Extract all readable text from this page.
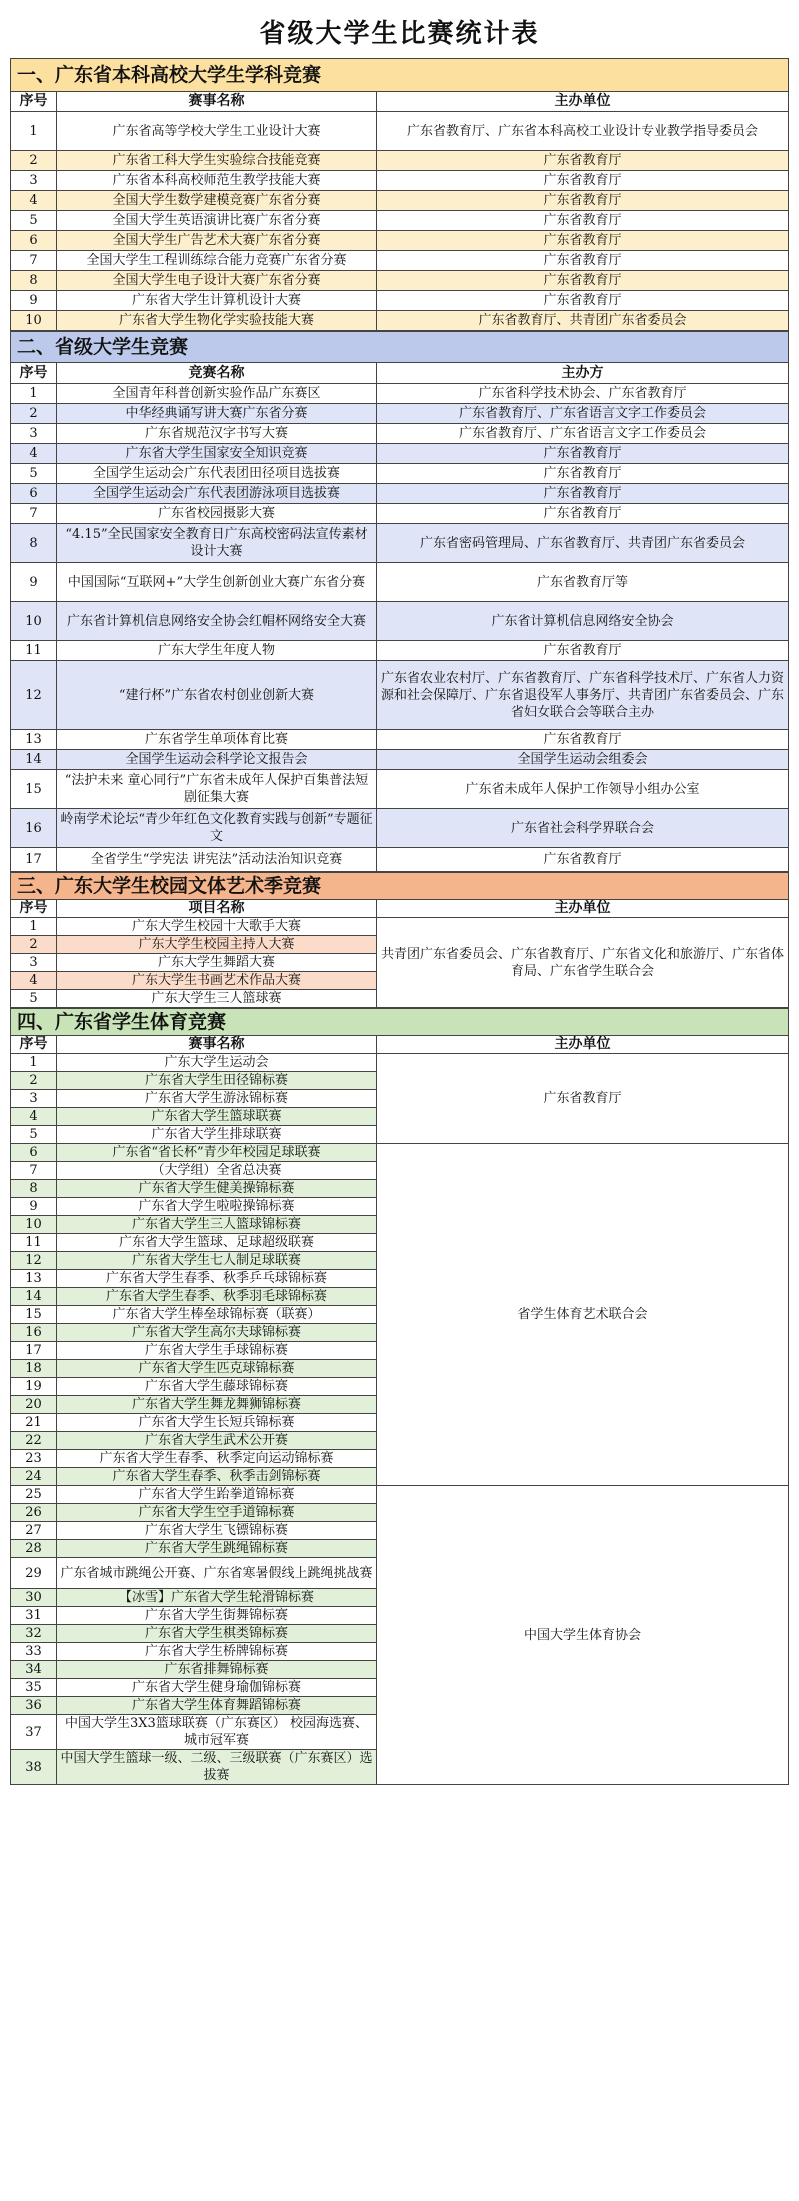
省级大学生比赛统计表
一、广东省本科高校大学生学科竞赛		
序号	赛事名称	主办单位
1	广东省高等学校大学生工业设计大赛	广东省教育厅、广东省本科高校工业设计专业教学指导委员会
2	广东省工科大学生实验综合技能竞赛	广东省教育厅
3	广东省本科高校师范生教学技能大赛	广东省教育厅
4	全国大学生数学建模竞赛广东省分赛	广东省教育厅
5	全国大学生英语演讲比赛广东省分赛	广东省教育厅
6	全国大学生广告艺术大赛广东省分赛	广东省教育厅
7	全国大学生工程训练综合能力竞赛广东省分赛	广东省教育厅
8	全国大学生电子设计大赛广东省分赛	广东省教育厅
9	广东省大学生计算机设计大赛	广东省教育厅
10	广东省大学生物化学实验技能大赛	广东省教育厅、共青团广东省委员会
二、省级大学生竞赛		
序号	竞赛名称	主办方
1	全国青年科普创新实验作品广东赛区	广东省科学技术协会、广东省教育厅
2	中华经典诵写讲大赛广东省分赛	广东省教育厅、广东省语言文字工作委员会
3	广东省规范汉字书写大赛	广东省教育厅、广东省语言文字工作委员会
4	广东省大学生国家安全知识竞赛	广东省教育厅
5	全国学生运动会广东代表团田径项目选拔赛	广东省教育厅
6	全国学生运动会广东代表团游泳项目选拔赛	广东省教育厅
7	广东省校园摄影大赛	广东省教育厅
8	“4.15”全民国家安全教育日广东高校密码法宣传素材设计大赛	广东省密码管理局、广东省教育厅、共青团广东省委员会
9	中国国际“互联网+”大学生创新创业大赛广东省分赛	广东省教育厅等
10	广东省计算机信息网络安全协会红帽杯网络安全大赛	广东省计算机信息网络安全协会
11	广东大学生年度人物	广东省教育厅
12	“建行杯”广东省农村创业创新大赛	广东省农业农村厅、广东省教育厅、广东省科学技术厅、广东省人力资源和社会保障厅、广东省退役军人事务厅、共青团广东省委员会、广东省妇女联合会等联合主办
13	广东省学生单项体育比赛	广东省教育厅
14	全国学生运动会科学论文报告会	全国学生运动会组委会
15	“法护未来 童心同行”广东省未成年人保护百集普法短剧征集大赛	广东省未成年人保护工作领导小组办公室
16	岭南学术论坛“青少年红色文化教育实践与创新”专题征文	广东省社会科学界联合会
17	全省学生“学宪法 讲宪法”活动法治知识竞赛	广东省教育厅
三、广东大学生校园文体艺术季竞赛		
序号	项目名称	主办单位
1	广东大学生校园十大歌手大赛	共青团广东省委员会、广东省教育厅、广东省文化和旅游厅、广东省体育局、广东省学生联合会
2	广东大学生校园主持人大赛	
3	广东大学生舞蹈大赛	
4	广东大学生书画艺术作品大赛	
5	广东大学生三人篮球赛	
四、广东省学生体育竞赛		
序号	赛事名称	主办单位
1	广东大学生运动会	广东省教育厅
2	广东省大学生田径锦标赛	
3	广东省大学生游泳锦标赛	
4	广东省大学生篮球联赛	
5	广东省大学生排球联赛	
6	广东省“省长杯”青少年校园足球联赛	省学生体育艺术联合会
7	（大学组）全省总决赛	
8	广东省大学生健美操锦标赛	
9	广东省大学生啦啦操锦标赛	
10	广东省大学生三人篮球锦标赛	
11	广东省大学生篮球、足球超级联赛	
12	广东省大学生七人制足球联赛	
13	广东省大学生春季、秋季乒乓球锦标赛	
14	广东省大学生春季、秋季羽毛球锦标赛	
15	广东省大学生棒垒球锦标赛（联赛）	
16	广东省大学生高尔夫球锦标赛	
17	广东省大学生手球锦标赛	
18	广东省大学生匹克球锦标赛	
19	广东省大学生藤球锦标赛	
20	广东省大学生舞龙舞狮锦标赛	
21	广东省大学生长短兵锦标赛	
22	广东省大学生武术公开赛	
23	广东省大学生春季、秋季定向运动锦标赛	
24	广东省大学生春季、秋季击剑锦标赛	
25	广东省大学生跆拳道锦标赛	中国大学生体育协会
26	广东省大学生空手道锦标赛	
27	广东省大学生飞镖锦标赛	
28	广东省大学生跳绳锦标赛	
29	广东省城市跳绳公开赛、广东省寒暑假线上跳绳挑战赛	
30	【冰雪】广东省大学生轮滑锦标赛	
31	广东省大学生街舞锦标赛	
32	广东省大学生棋类锦标赛	
33	广东省大学生桥牌锦标赛	
34	广东省排舞锦标赛	
35	广东省大学生健身瑜伽锦标赛	
36	广东省大学生体育舞蹈锦标赛	
37	中国大学生3X3篮球联赛（广东赛区） 校园海选赛、城市冠军赛	
38	中国大学生篮球一级、二级、三级联赛（广东赛区）选拔赛	
